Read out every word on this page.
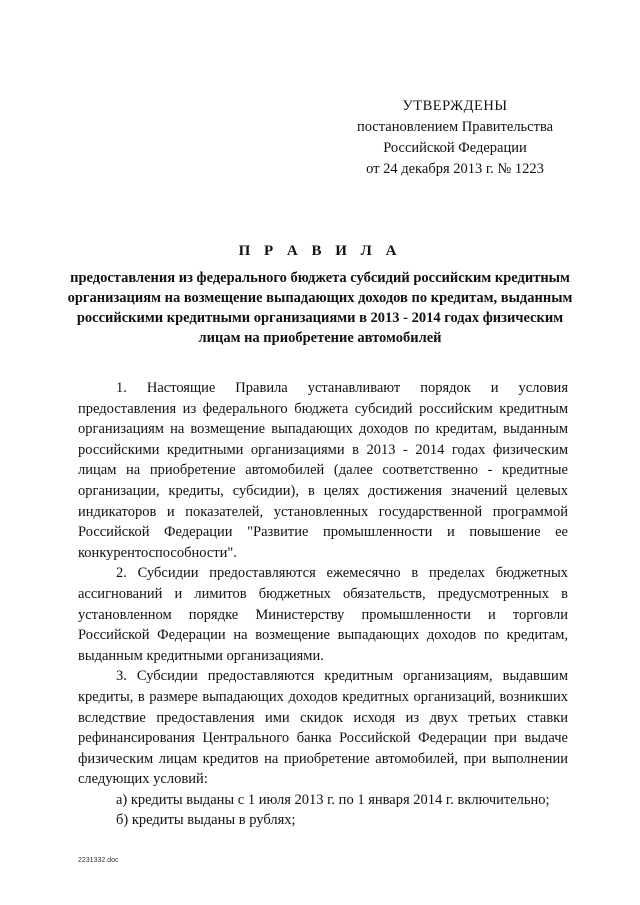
УТВЕРЖДЕНЫ
постановлением Правительства
Российской Федерации
от 24 декабря 2013 г. № 1223
П Р А В И Л А
предоставления из федерального бюджета субсидий российским кредитным организациям на возмещение выпадающих доходов по кредитам, выданным российскими кредитными организациями в 2013 - 2014 годах физическим лицам на приобретение автомобилей

1. Настоящие Правила устанавливают порядок и условия предоставления из федерального бюджета субсидий российским кредитным организациям на возмещение выпадающих доходов по кредитам, выданным российскими кредитными организациями в 2013 - 2014 годах физическим лицам на приобретение автомобилей (далее соответственно - кредитные организации, кредиты, субсидии), в целях достижения значений целевых индикаторов и показателей, установленных государственной программой Российской Федерации "Развитие промышленности и повышение ее конкурентоспособности".

2. Субсидии предоставляются ежемесячно в пределах бюджетных ассигнований и лимитов бюджетных обязательств, предусмотренных в установленном порядке Министерству промышленности и торговли Российской Федерации на возмещение выпадающих доходов по кредитам, выданным кредитными организациями.

3. Субсидии предоставляются кредитным организациям, выдавшим кредиты, в размере выпадающих доходов кредитных организаций, возникших вследствие предоставления ими скидок исходя из двух третьих ставки рефинансирования Центрального банка Российской Федерации при выдаче физическим лицам кредитов на приобретение автомобилей, при выполнении следующих условий:

а) кредиты выданы с 1 июля 2013 г. по 1 января 2014 г. включительно;

б) кредиты выданы в рублях;

2231332.doc
